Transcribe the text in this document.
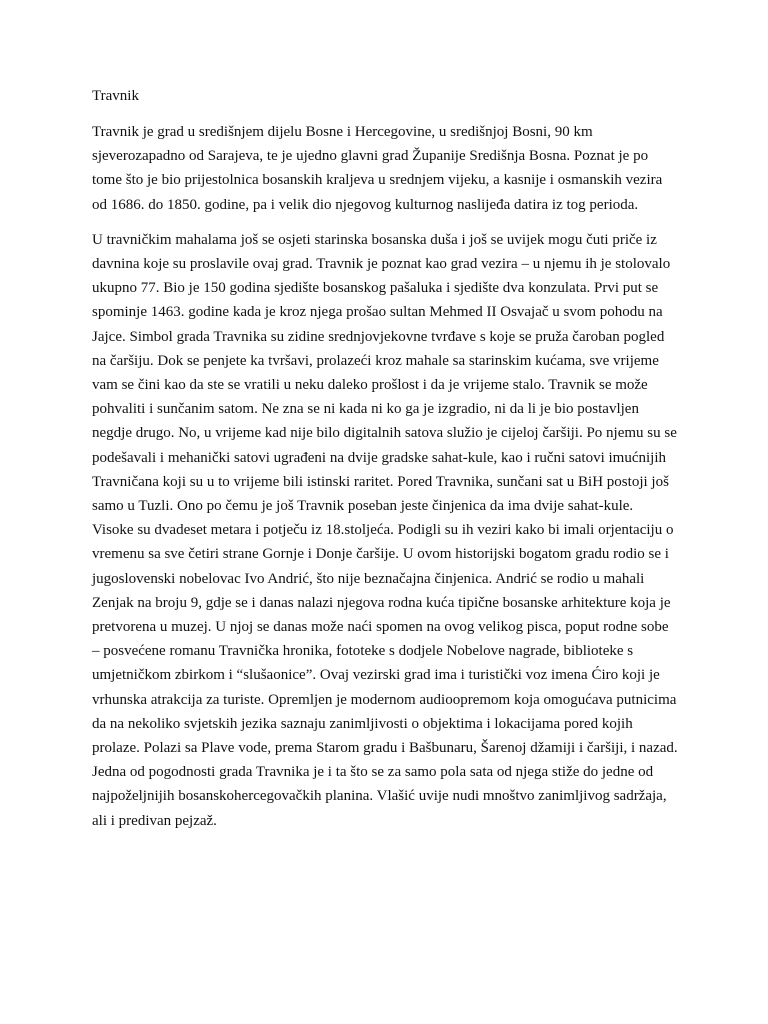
Travnik

Travnik je grad u središnjem dijelu Bosne i Hercegovine, u središnjoj Bosni, 90 km sjeverozapadno od Sarajeva, te je ujedno glavni grad Županije Središnja Bosna. Poznat je po tome što je bio prijestolnica bosanskih kraljeva u srednjem vijeku, a kasnije i osmanskih vezira od 1686. do 1850. godine, pa i velik dio njegovog kulturnog naslijeđa datira iz tog perioda.

U travničkim mahalama još se osjeti starinska bosanska duša i još se uvijek mogu čuti priče iz davnina koje su proslavile ovaj grad. Travnik je poznat kao grad vezira – u njemu ih je stolovalo ukupno 77. Bio je 150 godina sjedište bosanskog pašaluka i sjedište dva konzulata. Prvi put se spominje 1463. godine kada je kroz njega prošao sultan Mehmed II Osvajač u svom pohodu na Jajce. Simbol grada Travnika su zidine srednjovjekovne tvrđave s koje se pruža čaroban pogled na čaršiju. Dok se penjete ka tvršavi, prolazeći kroz mahale sa starinskim kućama, sve vrijeme vam se čini kao da ste se vratili u neku daleko prošlost i da je vrijeme stalo. Travnik se može pohvaliti i sunčanim satom. Ne zna se ni kada ni ko ga je izgradio, ni da li je bio postavljen negdje drugo. No, u vrijeme kad nije bilo digitalnih satova služio je cijeloj čaršiji. Po njemu su se podešavali i mehanički satovi ugrađeni na dvije gradske sahat-kule, kao i ručni satovi imućnijih Travničana koji su u to vrijeme bili istinski raritet. Pored Travnika, sunčani sat u BiH postoji još samo u Tuzli. Ono po čemu je još Travnik poseban jeste činjenica da ima dvije sahat-kule. Visoke su dvadeset metara i potječu iz 18.stoljeća. Podigli su ih veziri kako bi imali orjentaciju o vremenu sa sve četiri strane Gornje i Donje čaršije. U ovom historijski bogatom gradu rodio se i jugoslovenski nobelovac Ivo Andrić, što nije beznačajna činjenica. Andrić se rodio u mahali Zenjak na broju 9, gdje se i danas nalazi njegova rodna kuća tipične bosanske arhitekture koja je pretvorena u muzej. U njoj se danas može naći spomen na ovog velikog pisca, poput rodne sobe – posvećene romanu Travnička hronika, fototeke s dodjele Nobelove nagrade, biblioteke s umjetničkom zbirkom i “slušaonice”. Ovaj vezirski grad ima i turistički voz imena Ćiro koji je vrhunska atrakcija za turiste. Opremljen je modernom audioopremom koja omogućava putnicima da na nekoliko svjetskih jezika saznaju zanimljivosti o objektima i lokacijama pored kojih prolaze. Polazi sa Plave vode, prema Starom gradu i Bašbunaru, Šarenoj džamiji i čaršiji, i nazad. Jedna od pogodnosti grada Travnika je i ta što se za samo pola sata od njega stiže do jedne od najpoželjnijih bosanskohercegovačkih planina. Vlašić uvije nudi mnoštvo zanimljivog sadržaja, ali i predivan pejzaž.
